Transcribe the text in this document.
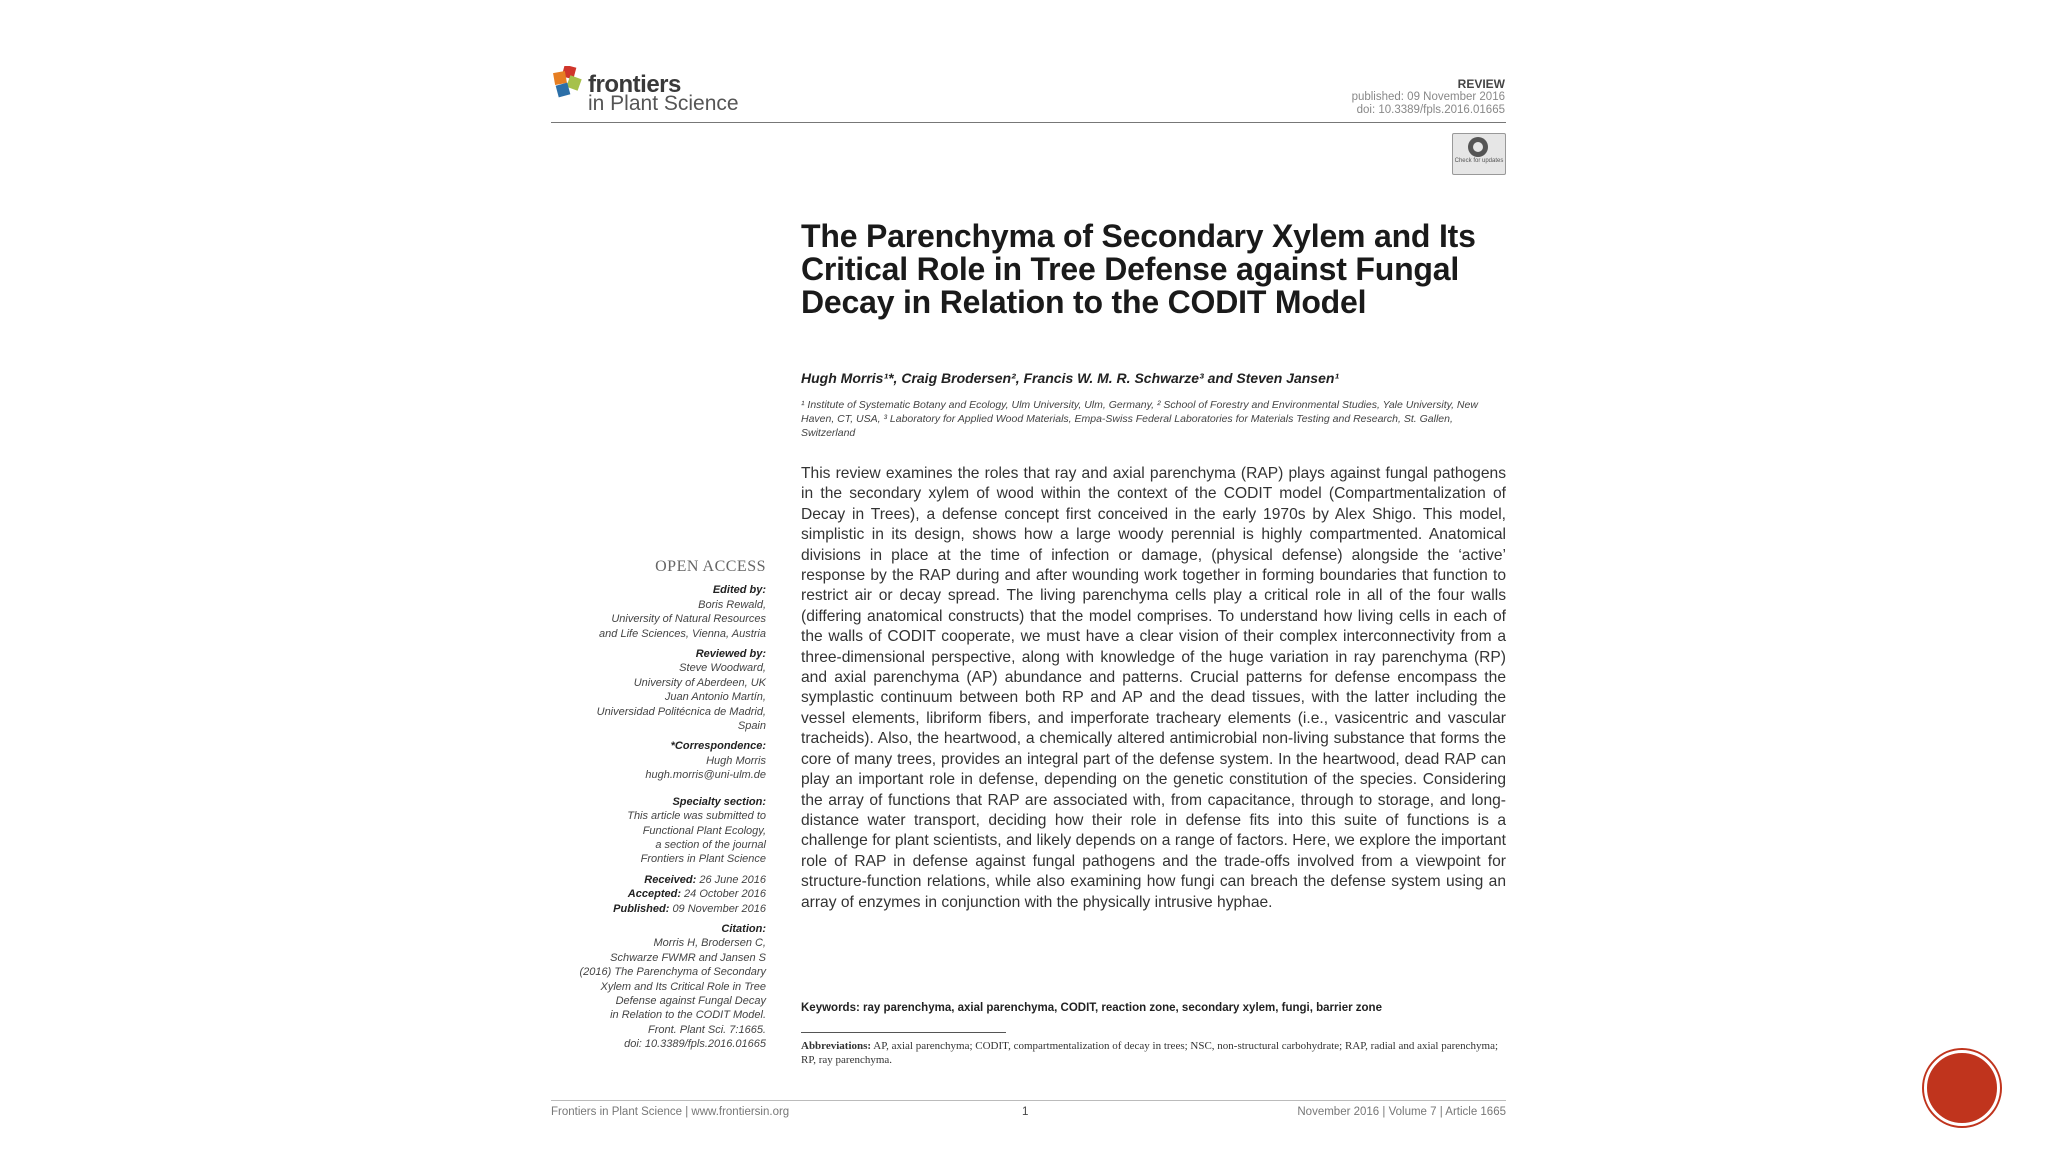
frontiers
in Plant Science
REVIEW
published: 09 November 2016
doi: 10.3389/fpls.2016.01665
Check for updates
The Parenchyma of Secondary Xylem and Its Critical Role in Tree Defense against Fungal Decay in Relation to the CODIT Model
Hugh Morris¹*, Craig Brodersen², Francis W. M. R. Schwarze³ and Steven Jansen¹
¹ Institute of Systematic Botany and Ecology, Ulm University, Ulm, Germany, ² School of Forestry and Environmental Studies, Yale University, New Haven, CT, USA, ³ Laboratory for Applied Wood Materials, Empa-Swiss Federal Laboratories for Materials Testing and Research, St. Gallen, Switzerland
This review examines the roles that ray and axial parenchyma (RAP) plays against fungal pathogens in the secondary xylem of wood within the context of the CODIT model (Compartmentalization of Decay in Trees), a defense concept first conceived in the early 1970s by Alex Shigo. This model, simplistic in its design, shows how a large woody perennial is highly compartmented. Anatomical divisions in place at the time of infection or damage, (physical defense) alongside the ‘active’ response by the RAP during and after wounding work together in forming boundaries that function to restrict air or decay spread. The living parenchyma cells play a critical role in all of the four walls (differing anatomical constructs) that the model comprises. To understand how living cells in each of the walls of CODIT cooperate, we must have a clear vision of their complex interconnectivity from a three-dimensional perspective, along with knowledge of the huge variation in ray parenchyma (RP) and axial parenchyma (AP) abundance and patterns. Crucial patterns for defense encompass the symplastic continuum between both RP and AP and the dead tissues, with the latter including the vessel elements, libriform fibers, and imperforate tracheary elements (i.e., vasicentric and vascular tracheids). Also, the heartwood, a chemically altered antimicrobial non-living substance that forms the core of many trees, provides an integral part of the defense system. In the heartwood, dead RAP can play an important role in defense, depending on the genetic constitution of the species. Considering the array of functions that RAP are associated with, from capacitance, through to storage, and long-distance water transport, deciding how their role in defense fits into this suite of functions is a challenge for plant scientists, and likely depends on a range of factors. Here, we explore the important role of RAP in defense against fungal pathogens and the trade-offs involved from a viewpoint for structure-function relations, while also examining how fungi can breach the defense system using an array of enzymes in conjunction with the physically intrusive hyphae.
Keywords: ray parenchyma, axial parenchyma, CODIT, reaction zone, secondary xylem, fungi, barrier zone
Abbreviations: AP, axial parenchyma; CODIT, compartmentalization of decay in trees; NSC, non-structural carbohydrate; RAP, radial and axial parenchyma; RP, ray parenchyma.
OPEN ACCESS
Edited by:
Boris Rewald,
University of Natural Resources
and Life Sciences, Vienna, Austria
Reviewed by:
Steve Woodward,
University of Aberdeen, UK
Juan Antonio Martín,
Universidad Politécnica de Madrid,
Spain
*Correspondence:
Hugh Morris
hugh.morris@uni-ulm.de
Specialty section:
This article was submitted to
Functional Plant Ecology,
a section of the journal
Frontiers in Plant Science
Received: 26 June 2016
Accepted: 24 October 2016
Published: 09 November 2016
Citation:
Morris H, Brodersen C,
Schwarze FWMR and Jansen S
(2016) The Parenchyma of Secondary
Xylem and Its Critical Role in Tree
Defense against Fungal Decay
in Relation to the CODIT Model.
Front. Plant Sci. 7:1665.
doi: 10.3389/fpls.2016.01665
Frontiers in Plant Science | www.frontiersin.org	1	November 2016 | Volume 7 | Article 1665
